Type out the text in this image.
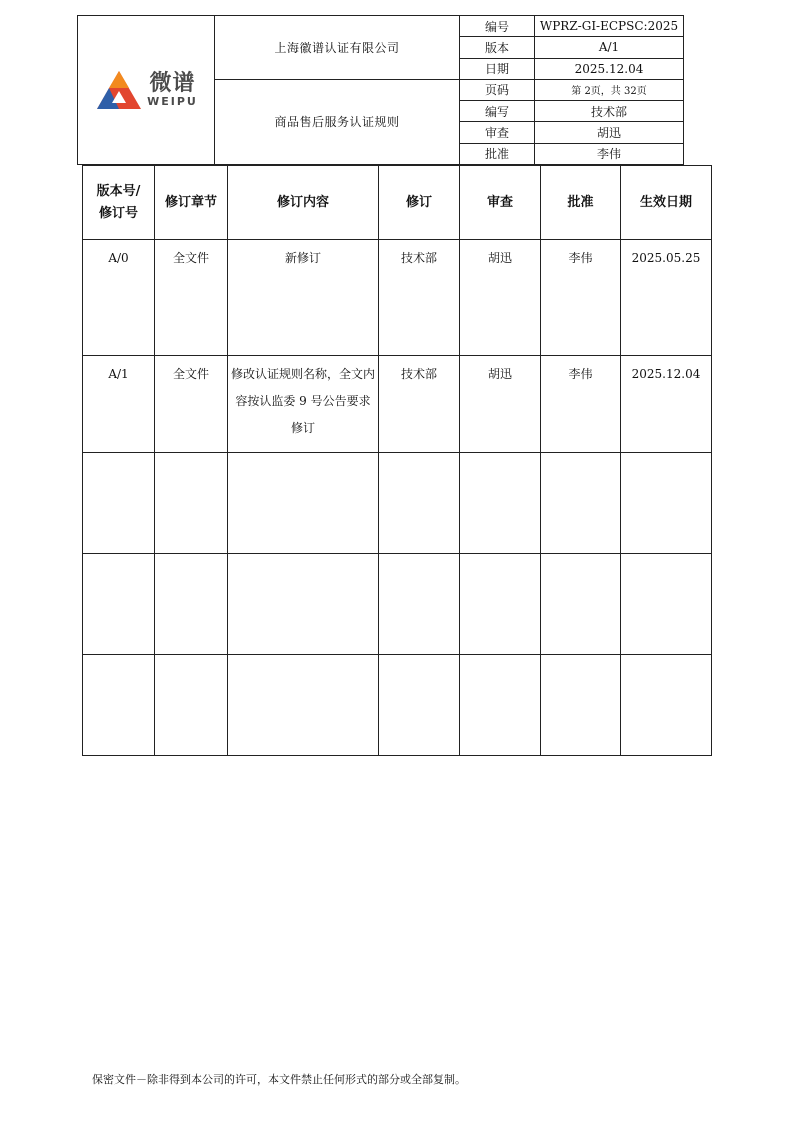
微谱
WEIPU	上海徽谱认证有限公司	编号	WPRZ-GI-ECPSC:2025
		版本	A/1
		日期	2025.12.04
	商品售后服务认证规则	页码	第 2页，共 32页
		编写	技术部
		审查	胡迅
		批准	李伟
版本号/修订号	修订章节	修订内容	修订	审查	批准	生效日期

A/0	全文件	新修订	技术部	胡迅	李伟	2025.05.25

A/1	全文件	修改认证规则名称，全文内容按认监委 9 号公告要求修订	技术部	胡迅	李伟	2025.12.04

保密文件－除非得到本公司的许可，本文件禁止任何形式的部分或全部复制。
